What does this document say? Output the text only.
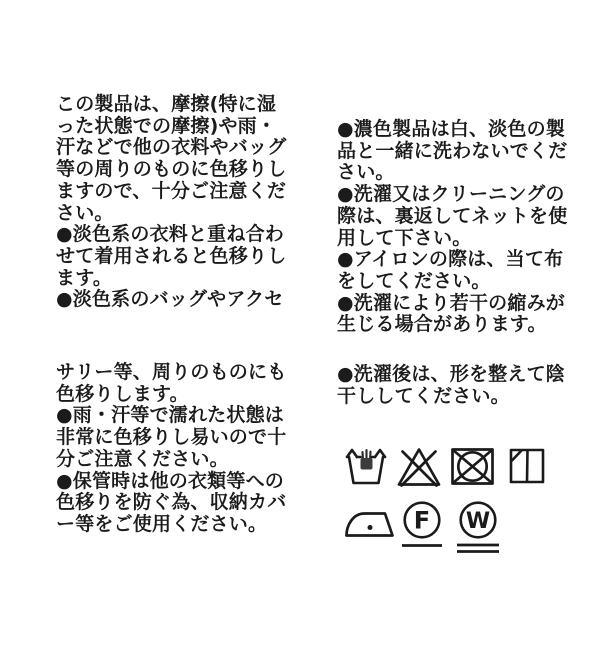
この製品は、摩擦(特に湿
った状態での摩擦)や雨・
汗などで他の衣料やバッグ
等の周りのものに色移りし
ますので、十分ご注意くだ
さい。
●淡色系の衣料と重ね合わ
せて着用されると色移りし
ます。
●淡色系のバッグやアクセ
サリー等、周りのものにも
色移りします。
●雨・汗等で濡れた状態は
非常に色移りし易いので十
分ご注意ください。
●保管時は他の衣類等への
色移りを防ぐ為、収納カバ
ー等をご使用ください。
●濃色製品は白、淡色の製
品と一緒に洗わないでくだ
さい。
●洗濯又はクリーニングの
際は、裏返してネットを使
用して下さい。
●アイロンの際は、当て布
をしてください。
●洗濯により若干の縮みが
生じる場合があります。
●洗濯後は、形を整えて陰
干ししてください。
F W
